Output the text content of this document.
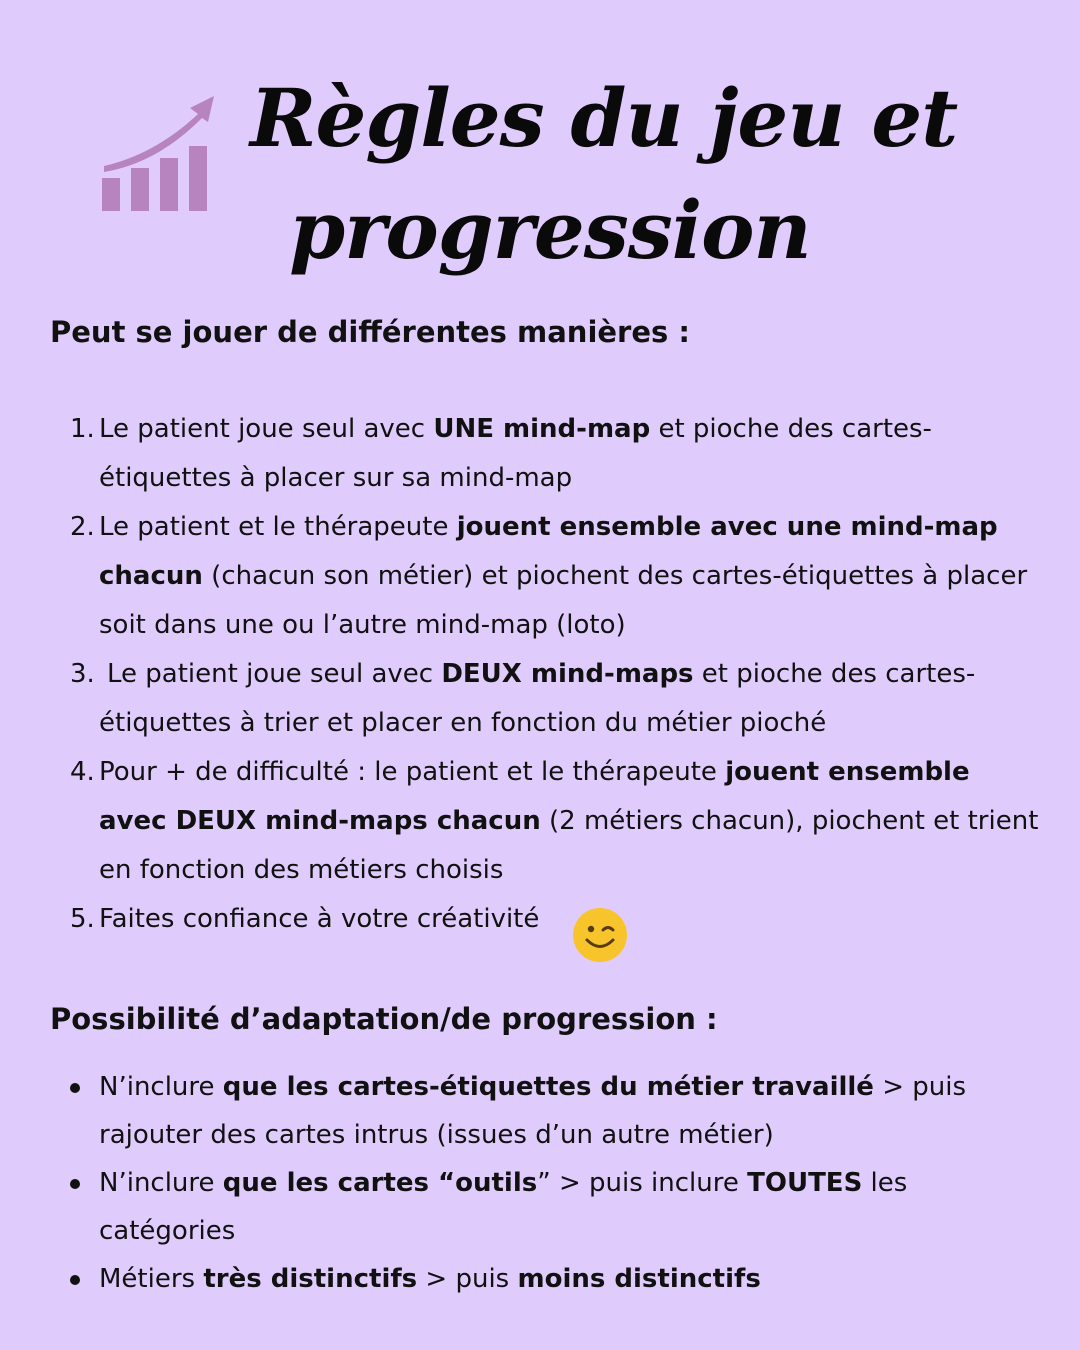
Règles du jeu et
progression
Peut se jouer de différentes manières :
1. Le patient joue seul avec UNE mind-map et pioche des cartes-étiquettes à placer sur sa mind-map
2. Le patient et le thérapeute jouent ensemble avec une mind-map chacun (chacun son métier) et piochent des cartes-étiquettes à placer soit dans une ou l’autre mind-map (loto)
3. Le patient joue seul avec DEUX mind-maps et pioche des cartes-étiquettes à trier et placer en fonction du métier pioché
4. Pour + de difficulté : le patient et le thérapeute jouent ensemble avec DEUX mind-maps chacun (2 métiers chacun), piochent et trient en fonction des métiers choisis
5. Faites confiance à votre créativité
Possibilité d’adaptation/de progression :
N’inclure que les cartes-étiquettes du métier travaillé > puis rajouter des cartes intrus (issues d’un autre métier)
N’inclure que les cartes “outils” > puis inclure TOUTES les catégories
Métiers très distinctifs > puis moins distinctifs
